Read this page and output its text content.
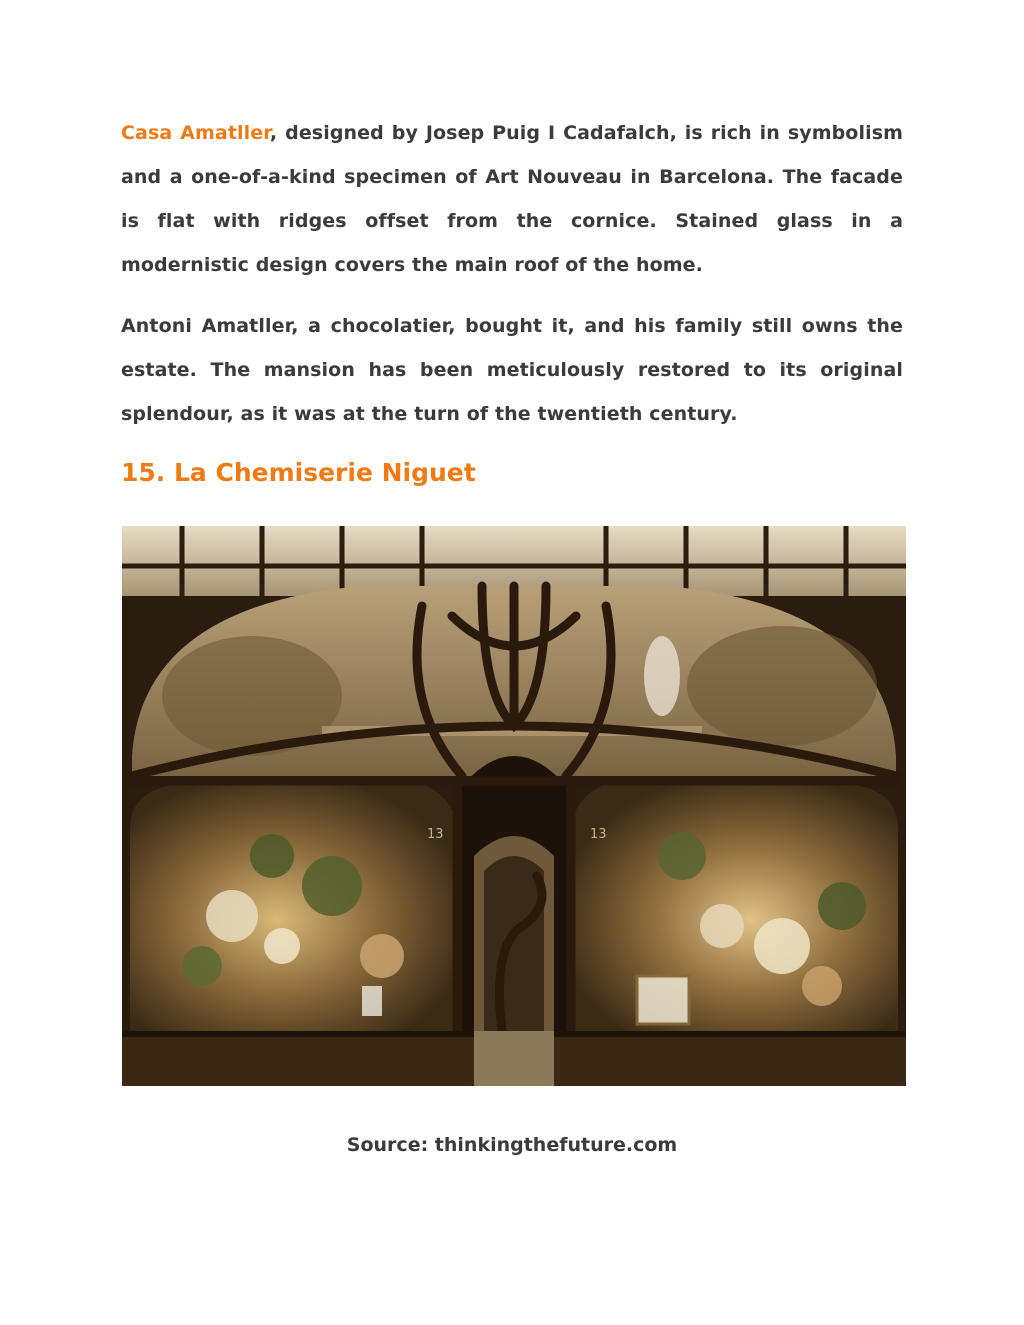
Casa Amatller, designed by Josep Puig I Cadafalch, is rich in symbolism and a one-of-a-kind specimen of Art Nouveau in Barcelona. The facade is flat with ridges offset from the cornice. Stained glass in a modernistic design covers the main roof of the home.

Antoni Amatller, a chocolatier, bought it, and his family still owns the estate. The mansion has been meticulously restored to its original splendour, as it was at the turn of the twentieth century.

15. La Chemiserie Niguet
13	13

Source: thinkingthefuture.com
